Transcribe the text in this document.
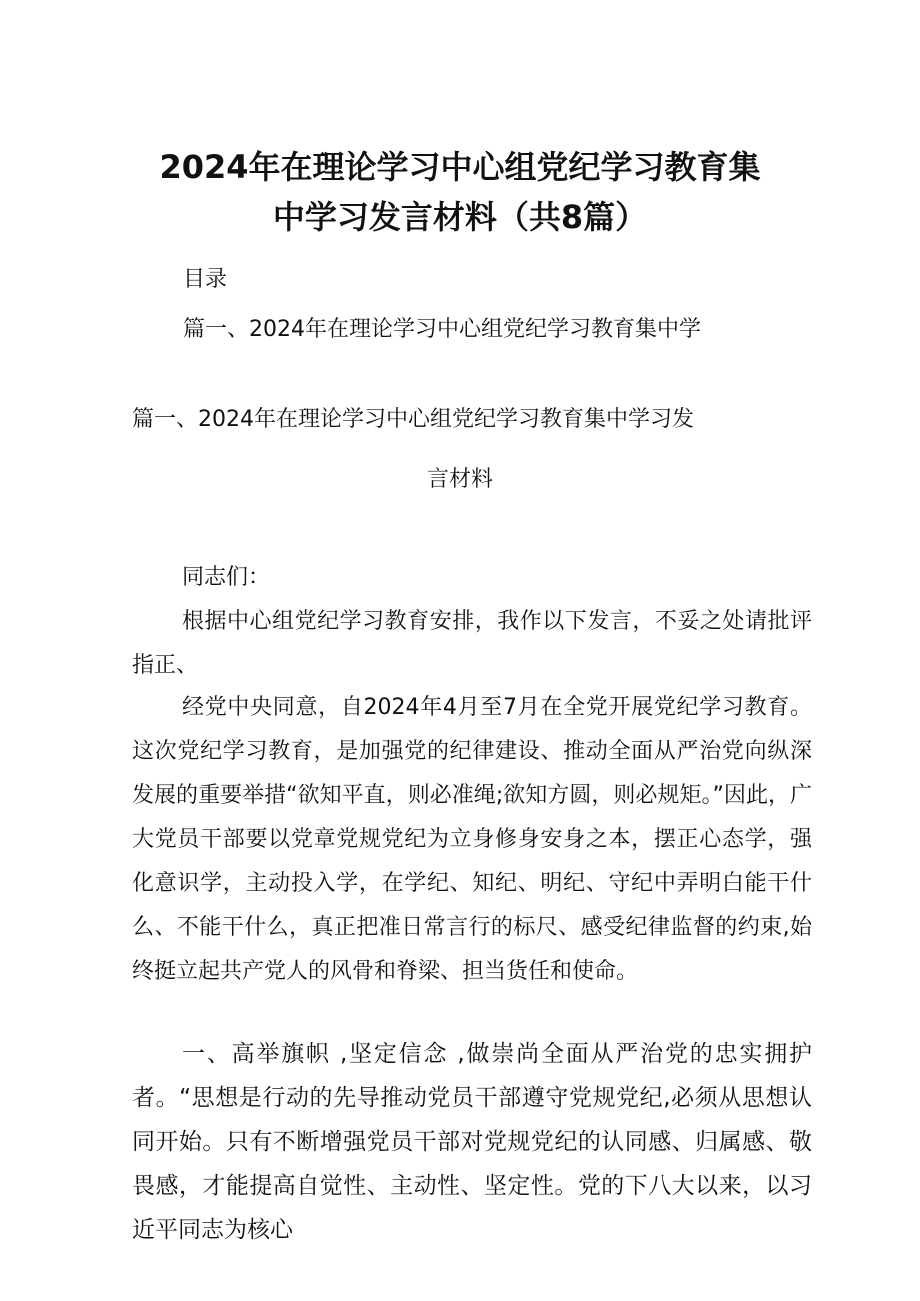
2024年在理论学习中心组党纪学习教育集
中学习发言材料（共8篇）
目录
篇一、2024年在理论学习中心组党纪学习教育集中学
篇一、2024年在理论学习中心组党纪学习教育集中学习发
言材料

同志们：

根据中心组党纪学习教育安排，我作以下发言，不妥之处请批评指正、

经党中央同意，自2024年4月至7月在全党开展党纪学习教育。这次党纪学习教育，是加强党的纪律建设、推动全面从严治党向纵深发展的重要举措“欲知平直，则必准绳;欲知方圆，则必规矩。”因此，广大党员干部要以党章党规党纪为立身修身安身之本，摆正心态学，强化意识学，主动投入学，在学纪、知纪、明纪、守纪中弄明白能干什么、不能干什么，真正把准日常言行的标尺、感受纪律监督的约束,始终挺立起共产党人的风骨和脊梁、担当货任和使命。

一、高举旗帜 ,坚定信念 ,做崇尚全面从严治党的忠实拥护者。“思想是行动的先导推动党员干部遵守党规党纪,必须从思想认同开始。只有不断增强党员干部对党规党纪的认同感、归属感、敬畏感，才能提高自觉性、主动性、坚定性。党的下八大以来，以习近平同志为核心
